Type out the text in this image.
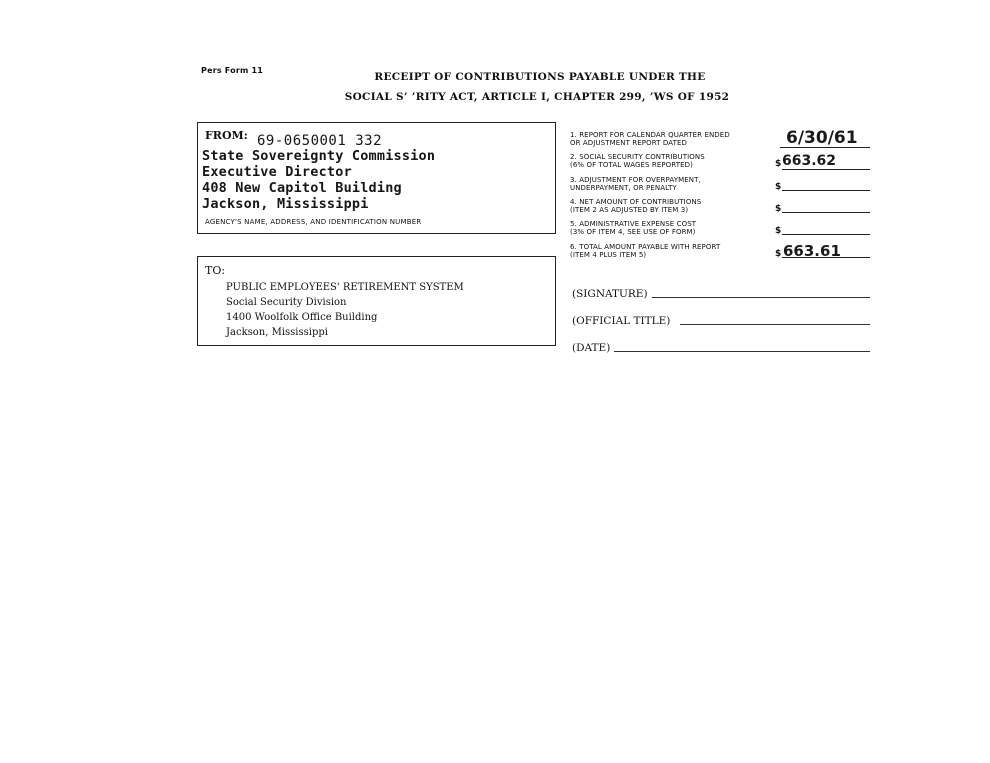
Pers Form 11
RECEIPT OF CONTRIBUTIONS PAYABLE UNDER THE
SOCIAL S’ ’RITY ACT, ARTICLE I, CHAPTER 299, ’WS OF 1952
FROM: 69-0650001 332
State Sovereignty Commission
Executive Director
408 New Capitol Building
Jackson, Mississippi
AGENCY'S NAME, ADDRESS, AND IDENTIFICATION NUMBER
TO:
PUBLIC EMPLOYEES' RETIREMENT SYSTEM
Social Security Division
1400 Woolfolk Office Building
Jackson, Mississippi
1. REPORT FOR CALENDAR QUARTER ENDED
OR ADJUSTMENT REPORT DATED	6/30/61
2. SOCIAL SECURITY CONTRIBUTIONS
(6% OF TOTAL WAGES REPORTED)	$ 663.62
3. ADJUSTMENT FOR OVERPAYMENT,
UNDERPAYMENT, OR PENALTY	$
4. NET AMOUNT OF CONTRIBUTIONS
(ITEM 2 AS ADJUSTED BY ITEM 3)	$
5. ADMINISTRATIVE EXPENSE COST
(3% OF ITEM 4, SEE USE OF FORM)	$
6. TOTAL AMOUNT PAYABLE WITH REPORT
(ITEM 4 PLUS ITEM 5)	$ 663.61
(SIGNATURE)
(OFFICIAL TITLE)
(DATE)
